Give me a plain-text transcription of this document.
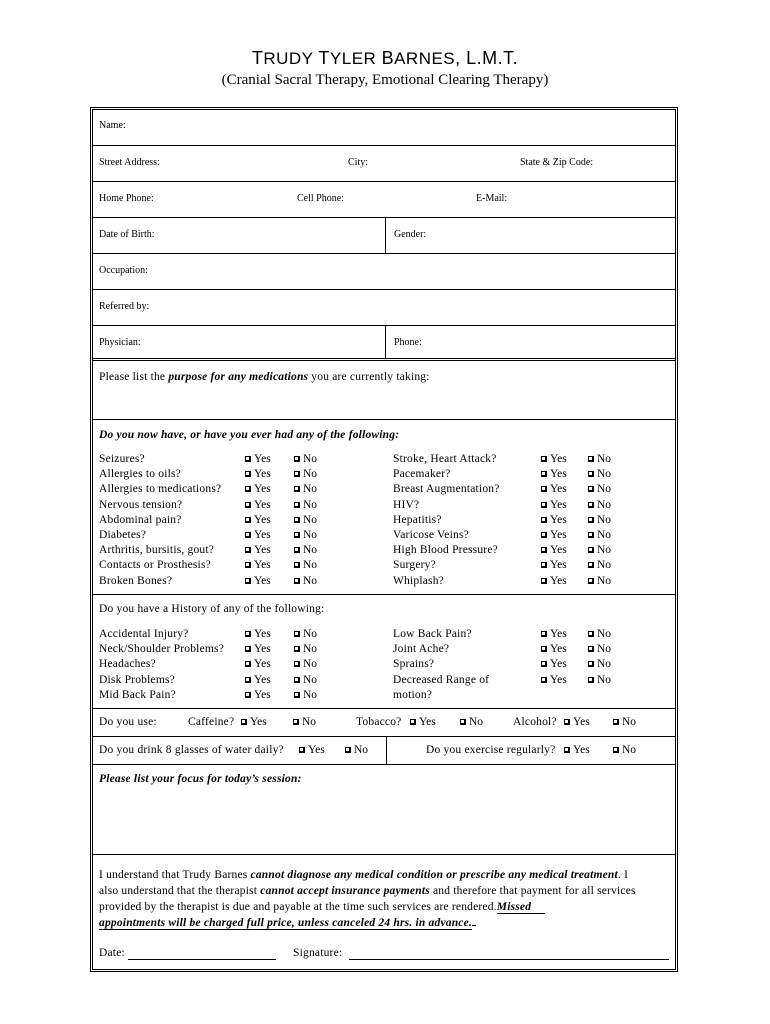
TRUDY TYLER BARNES, L.M.T.
(Cranial Sacral Therapy, Emotional Clearing Therapy)
Name:
Street Address:	City:	State & Zip Code:
Home Phone:	Cell Phone:	E-Mail:
Date of Birth:	Gender:
Occupation:
Referred by:
Physician:	Phone:
Please list the purpose for any medications you are currently taking:
Do you now have, or have you ever had any of the following:
Seizures?	Yes	No
Allergies to oils?	Yes	No
Allergies to medications?	Yes	No
Nervous tension?	Yes	No
Abdominal pain?	Yes	No
Diabetes?	Yes	No
Arthritis, bursitis, gout?	Yes	No
Contacts or Prosthesis?	Yes	No
Broken Bones?	Yes	No
Stroke, Heart Attack?	Yes	No
Pacemaker?	Yes	No
Breast Augmentation?	Yes	No
HIV?	Yes	No
Hepatitis?	Yes	No
Varicose Veins?	Yes	No
High Blood Pressure?	Yes	No
Surgery?	Yes	No
Whiplash?	Yes	No
Do you have a History of any of the following:
Accidental Injury?	Yes	No
Neck/Shoulder Problems?	Yes	No
Headaches?	Yes	No
Disk Problems?	Yes	No
Mid Back Pain?	Yes	No
Low Back Pain?	Yes	No
Joint Ache?	Yes	No
Sprains?	Yes	No
Decreased Range of	Yes	No
motion?
Do you use:	Caffeine?	Yes	No	Tobacco?	Yes	No	Alcohol?	Yes	No
Do you drink 8 glasses of water daily?	Yes	No	Do you exercise regularly?	Yes	No
Please list your focus for today’s session:
I understand that Trudy Barnes cannot diagnose any medical condition or prescribe any medical treatment. I
also understand that the therapist cannot accept insurance payments and therefore that payment for all services
provided by the therapist is due and payable at the time such services are rendered.Missed
appointments will be charged full price, unless canceled 24 hrs. in advance.
Date:	Signature:
